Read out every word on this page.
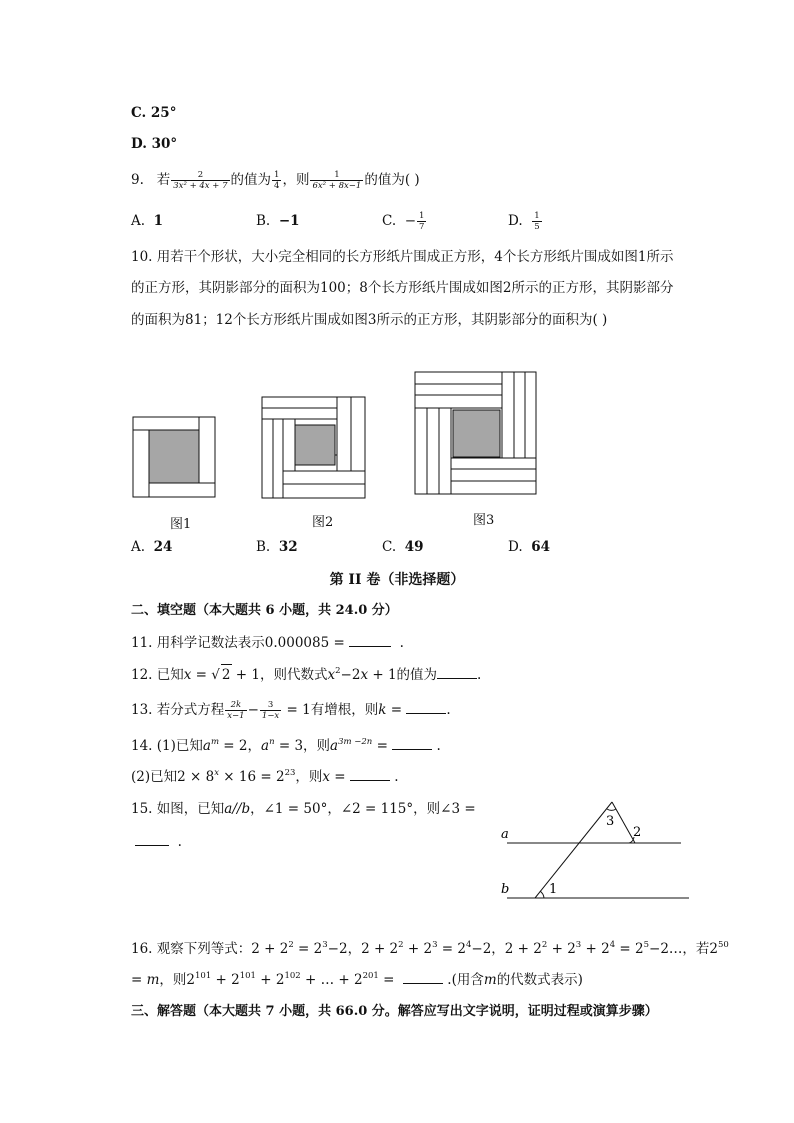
C. 25°
D. 30°
9. 若 $\frac{2}{\text{3x² + 4x + 7}}$ 的值为 $\frac{1}{4}$ ，则 $\frac{1}{\text{6x² + 8x−1}}$ 的值为( )
A. 1	B. −1	C. − $\frac{1}{7}$	D. $\frac{1}{5}$
10. 用若干个形状，大小完全相同的长方形纸片围成正方形，4个长方形纸片围成如图1所示
的正方形，其阴影部分的面积为100；8个长方形纸片围成如图2所示的正方形，其阴影部分
的面积为81；12个长方形纸片围成如图3所示的正方形，其阴影部分的面积为( )
图1	图2	图3
A. 24	B. 32	C. 49	D. 64
第 II 卷（非选择题）
二、填空题（本大题共 6 小题，共 24.0 分）
11. 用科学记数法表示0.000085 =	.
12. 已知x = √ 2 + 1，则代数式$x^2-2x + 1$的值为	.
13. 若分式方程 $\frac{2k}{x-1} - \frac{3}{1-x} = 1$有增根，则k =	.
14. (1)已知$a^m = 2$，$a^n = 3$，则$a^{3m -2n}$ =	.
(2)已知$2 \times 8^x \times 16 = 2^{23}$，则x =	.
15. 如图，已知a//b，∠1 = 50°，∠2 = 115°，则∠3 =
.	a
b	1
2
3
16. 观察下列等式：$2 + 2^2 = 2^3-2$，$2 + 2^2 + 2^3 = 2^4-2$，$2 + 2^2 + 2^3 + 2^4$ = $2^5-2\dots$，若$2^{50}$
= m，则$2^{101} + 2^{101} + 2^{102}$ + … + $2^{201}$ =	.(用含m的代数式表示)
三、解答题（本大题共 7 小题，共 66.0 分。解答应写出文字说明，证明过程或演算步骤）
